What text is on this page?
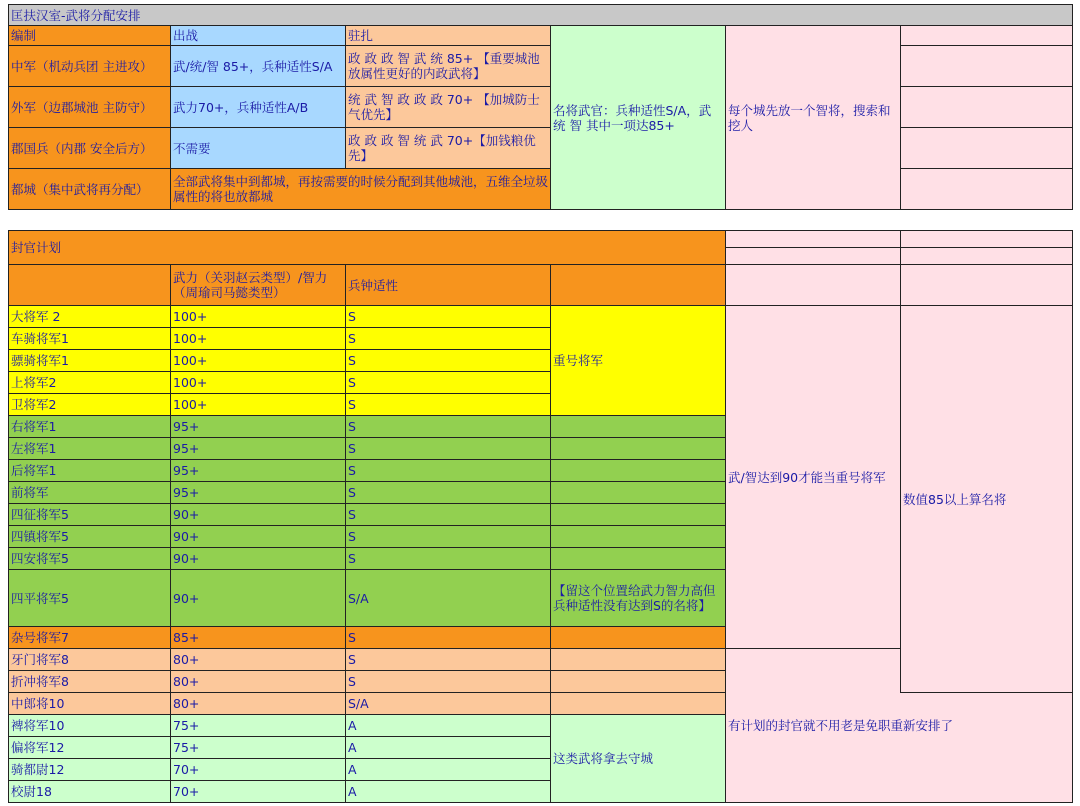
匡扶汉室-武将分配安排					
编制	出战	驻扎	名将武官：兵种适性S/A，武 统 智 其中一项达85+	每个城先放一个智将，搜索和挖人	
中军（机动兵团 主进攻）	武/统/智 85+，兵种适性S/A	政 政 政 智 武 统 85+ 【重要城池放属性更好的内政武将】			
外军（边郡城池 主防守）	武力70+，兵种适性A/B	统 武 智 政 政 政 70+ 【加城防士气优先】			
郡国兵（内郡 安全后方）	不需要	政 政 政 智 统 武 70+【加钱粮优先】			
都城（集中武将再分配）	全部武将集中到都城，再按需要的时候分配到其他城池，五维全垃圾属性的将也放都城				
封官计划					

	武力（关羽赵云类型）/智力（周瑜司马懿类型）	兵钟适性			
大将军 2	100+	S	重号将军	武/智达到90才能当重号将军	数值85以上算名将
车骑将军1	100+	S			
骠骑将军1	100+	S			
上将军2	100+	S			
卫将军2	100+	S			
右将军1	95+	S			
左将军1	95+	S			
后将军1	95+	S			
前将军	95+	S			
四征将军5	90+	S			
四镇将军5	90+	S			
四安将军5	90+	S			
四平将军5	90+	S/A	【留这个位置给武力智力高但兵种适性没有达到S的名将】		
杂号将军7	85+	S			
牙门将军8	80+	S		有计划的封官就不用老是免职重新安排了	
折冲将军8	80+	S			
中郎将10	80+	S/A			
裨将军10	75+	A	这类武将拿去守城		
偏将军12	75+	A			
骑都尉12	70+	A			
校尉18	70+	A			
